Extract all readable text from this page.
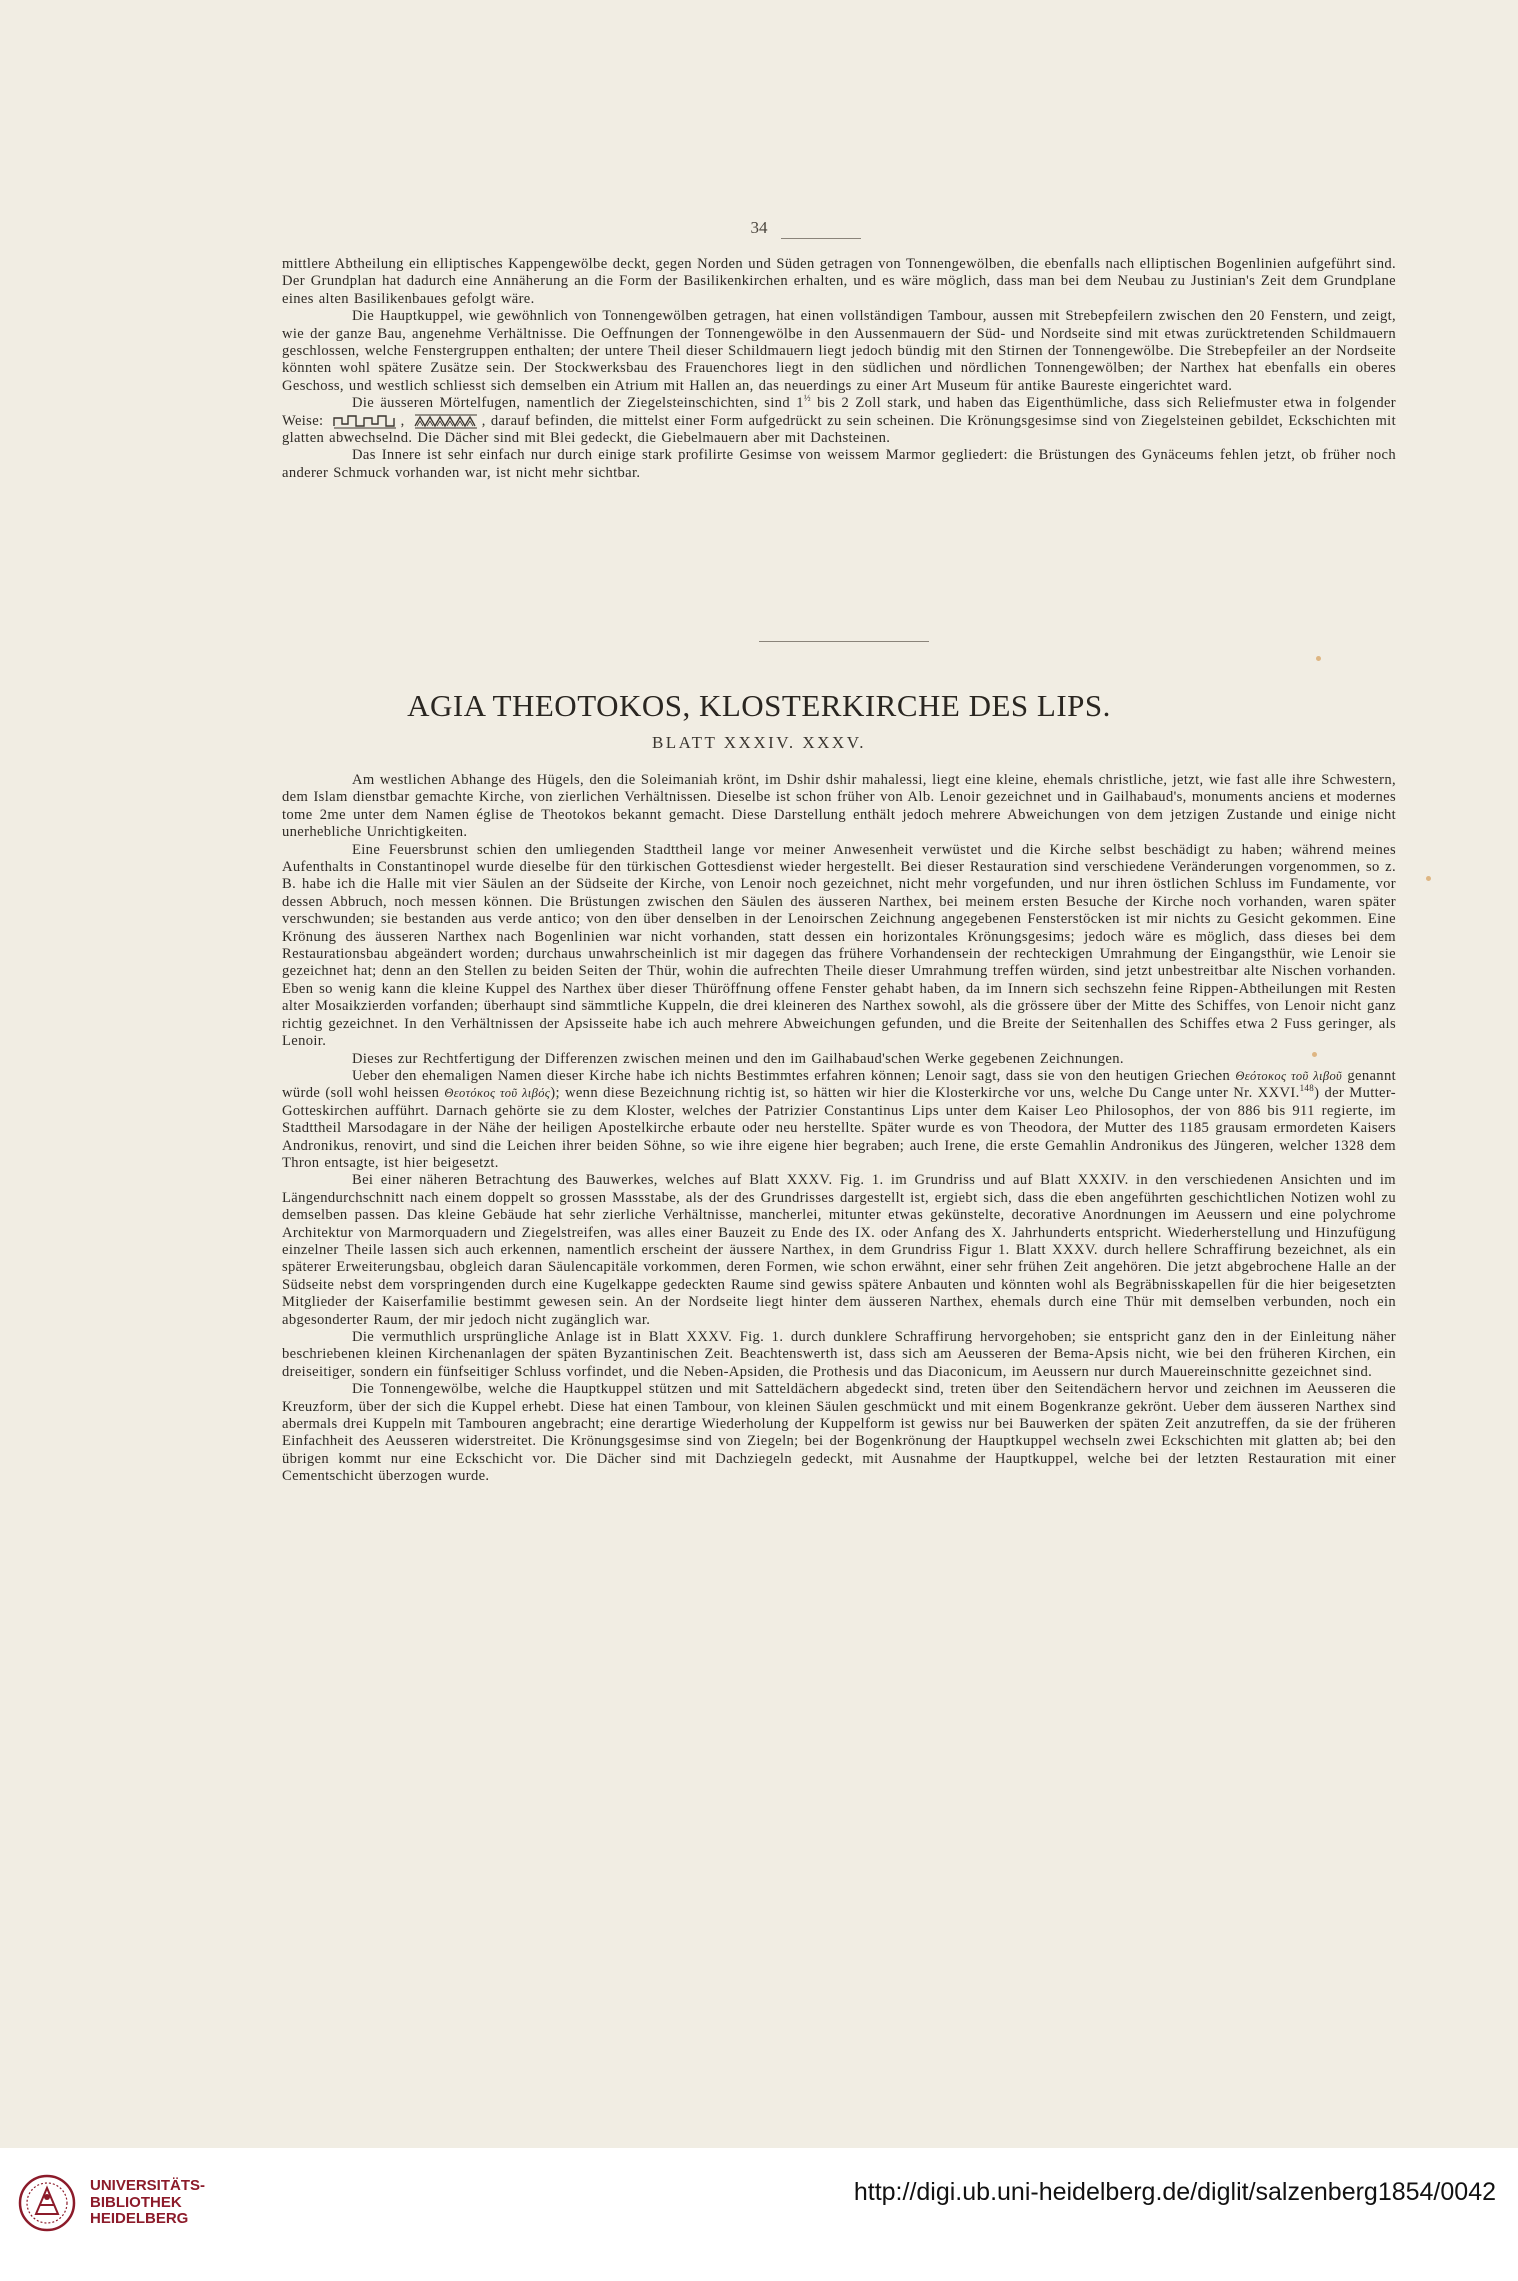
34

mittlere Abtheilung ein elliptisches Kappengewölbe deckt, gegen Norden und Süden getragen von Tonnengewölben, die ebenfalls nach elliptischen Bogenlinien aufgeführt sind. Der Grundplan hat dadurch eine Annäherung an die Form der Basilikenkirchen erhalten, und es wäre möglich, dass man bei dem Neubau zu Justinian's Zeit dem Grundplane eines alten Basilikenbaues gefolgt wäre.

Die Hauptkuppel, wie gewöhnlich von Tonnengewölben getragen, hat einen vollständigen Tambour, aussen mit Strebepfeilern zwischen den 20 Fenstern, und zeigt, wie der ganze Bau, angenehme Verhältnisse. Die Oeffnungen der Tonnengewölbe in den Aussenmauern der Süd- und Nordseite sind mit etwas zurücktretenden Schildmauern geschlossen, welche Fenstergruppen enthalten; der untere Theil dieser Schildmauern liegt jedoch bündig mit den Stirnen der Tonnengewölbe. Die Strebepfeiler an der Nordseite könnten wohl spätere Zusätze sein. Der Stockwerksbau des Frauenchores liegt in den südlichen und nördlichen Tonnengewölben; der Narthex hat ebenfalls ein oberes Geschoss, und westlich schliesst sich demselben ein Atrium mit Hallen an, das neuerdings zu einer Art Museum für antike Baureste eingerichtet ward.

Die äusseren Mörtelfugen, namentlich der Ziegelsteinschichten, sind $1^{\frac{1}{2}}$ bis 2 Zoll stark, und haben das Eigenthümliche, dass sich Reliefmuster etwa in folgender Weise:	,	, darauf befinden, die mittelst einer Form aufgedrückt zu sein scheinen. Die Krönungsgesimse sind von Ziegelsteinen gebildet, Eckschichten mit glatten abwechselnd. Die Dächer sind mit Blei gedeckt, die Giebelmauern aber mit Dachsteinen.

Das Innere ist sehr einfach nur durch einige stark profilirte Gesimse von weissem Marmor gegliedert: die Brüstungen des Gynäceums fehlen jetzt, ob früher noch anderer Schmuck vorhanden war, ist nicht mehr sichtbar.

AGIA THEOTOKOS, KLOSTERKIRCHE DES LIPS.
BLATT XXXIV. XXXV.

Am westlichen Abhange des Hügels, den die Soleimaniah krönt, im Dshir dshir mahalessi, liegt eine kleine, ehemals christliche, jetzt, wie fast alle ihre Schwestern, dem Islam dienstbar gemachte Kirche, von zierlichen Verhältnissen. Dieselbe ist schon früher von Alb. Lenoir gezeichnet und in Gailhabaud's, monuments anciens et modernes tome 2me unter dem Namen église de Theotokos bekannt gemacht. Diese Darstellung enthält jedoch mehrere Abweichungen von dem jetzigen Zustande und einige nicht unerhebliche Unrichtigkeiten.

Eine Feuersbrunst schien den umliegenden Stadttheil lange vor meiner Anwesenheit verwüstet und die Kirche selbst beschädigt zu haben; während meines Aufenthalts in Constantinopel wurde dieselbe für den türkischen Gottesdienst wieder hergestellt. Bei dieser Restauration sind verschiedene Veränderungen vorgenommen, so z. B. habe ich die Halle mit vier Säulen an der Südseite der Kirche, von Lenoir noch gezeichnet, nicht mehr vorgefunden, und nur ihren östlichen Schluss im Fundamente, vor dessen Abbruch, noch messen können. Die Brüstungen zwischen den Säulen des äusseren Narthex, bei meinem ersten Besuche der Kirche noch vorhanden, waren später verschwunden; sie bestanden aus verde antico; von den über denselben in der Lenoirschen Zeichnung angegebenen Fensterstöcken ist mir nichts zu Gesicht gekommen. Eine Krönung des äusseren Narthex nach Bogenlinien war nicht vorhanden, statt dessen ein horizontales Krönungsgesims; jedoch wäre es möglich, dass dieses bei dem Restaurationsbau abgeändert worden; durchaus unwahrscheinlich ist mir dagegen das frühere Vorhandensein der rechteckigen Umrahmung der Eingangsthür, wie Lenoir sie gezeichnet hat; denn an den Stellen zu beiden Seiten der Thür, wohin die aufrechten Theile dieser Umrahmung treffen würden, sind jetzt unbestreitbar alte Nischen vorhanden. Eben so wenig kann die kleine Kuppel des Narthex über dieser Thüröffnung offene Fenster gehabt haben, da im Innern sich sechszehn feine Rippen-Abtheilungen mit Resten alter Mosaikzierden vorfanden; überhaupt sind sämmtliche Kuppeln, die drei kleineren des Narthex sowohl, als die grössere über der Mitte des Schiffes, von Lenoir nicht ganz richtig gezeichnet. In den Verhältnissen der Apsisseite habe ich auch mehrere Abweichungen gefunden, und die Breite der Seitenhallen des Schiffes etwa 2 Fuss geringer, als Lenoir.

Dieses zur Rechtfertigung der Differenzen zwischen meinen und den im Gailhabaud'schen Werke gegebenen Zeichnungen.

Ueber den ehemaligen Namen dieser Kirche habe ich nichts Bestimmtes erfahren können; Lenoir sagt, dass sie von den heutigen Griechen Θεότοκος τοῦ λιβοῦ genannt würde (soll wohl heissen Θεοτόκος τοῦ λιβός); wenn diese Bezeichnung richtig ist, so hätten wir hier die Klosterkirche vor uns, welche Du Cange unter Nr. XXVI.$^{148}$) der Mutter-Gotteskirchen aufführt. Darnach gehörte sie zu dem Kloster, welches der Patrizier Constantinus Lips unter dem Kaiser Leo Philosophos, der von 886 bis 911 regierte, im Stadttheil Marsodagare in der Nähe der heiligen Apostelkirche erbaute oder neu herstellte. Später wurde es von Theodora, der Mutter des 1185 grausam ermordeten Kaisers Andronikus, renovirt, und sind die Leichen ihrer beiden Söhne, so wie ihre eigene hier begraben; auch Irene, die erste Gemahlin Andronikus des Jüngeren, welcher 1328 dem Thron entsagte, ist hier beigesetzt.

Bei einer näheren Betrachtung des Bauwerkes, welches auf Blatt XXXV. Fig. 1. im Grundriss und auf Blatt XXXIV. in den verschiedenen Ansichten und im Längendurchschnitt nach einem doppelt so grossen Massstabe, als der des Grundrisses dargestellt ist, ergiebt sich, dass die eben angeführten geschichtlichen Notizen wohl zu demselben passen. Das kleine Gebäude hat sehr zierliche Verhältnisse, mancherlei, mitunter etwas gekünstelte, decorative Anordnungen im Aeussern und eine polychrome Architektur von Marmorquadern und Ziegelstreifen, was alles einer Bauzeit zu Ende des IX. oder Anfang des X. Jahrhunderts entspricht. Wiederherstellung und Hinzufügung einzelner Theile lassen sich auch erkennen, namentlich erscheint der äussere Narthex, in dem Grundriss Figur 1. Blatt XXXV. durch hellere Schraffirung bezeichnet, als ein späterer Erweiterungsbau, obgleich daran Säulencapitäle vorkommen, deren Formen, wie schon erwähnt, einer sehr frühen Zeit angehören. Die jetzt abgebrochene Halle an der Südseite nebst dem vorspringenden durch eine Kugelkappe gedeckten Raume sind gewiss spätere Anbauten und könnten wohl als Begräbnisskapellen für die hier beigesetzten Mitglieder der Kaiserfamilie bestimmt gewesen sein. An der Nordseite liegt hinter dem äusseren Narthex, ehemals durch eine Thür mit demselben verbunden, noch ein abgesonderter Raum, der mir jedoch nicht zugänglich war.

Die vermuthlich ursprüngliche Anlage ist in Blatt XXXV. Fig. 1. durch dunklere Schraffirung hervorgehoben; sie entspricht ganz den in der Einleitung näher beschriebenen kleinen Kirchenanlagen der späten Byzantinischen Zeit. Beachtenswerth ist, dass sich am Aeusseren der Bema-Apsis nicht, wie bei den früheren Kirchen, ein dreiseitiger, sondern ein fünfseitiger Schluss vorfindet, und die Neben-Apsiden, die Prothesis und das Diaconicum, im Aeussern nur durch Mauereinschnitte gezeichnet sind.

Die Tonnengewölbe, welche die Hauptkuppel stützen und mit Satteldächern abgedeckt sind, treten über den Seitendächern hervor und zeichnen im Aeusseren die Kreuzform, über der sich die Kuppel erhebt. Diese hat einen Tambour, von kleinen Säulen geschmückt und mit einem Bogenkranze gekrönt. Ueber dem äusseren Narthex sind abermals drei Kuppeln mit Tambouren angebracht; eine derartige Wiederholung der Kuppelform ist gewiss nur bei Bauwerken der späten Zeit anzutreffen, da sie der früheren Einfachheit des Aeusseren widerstreitet. Die Krönungsgesimse sind von Ziegeln; bei der Bogenkrönung der Hauptkuppel wechseln zwei Eckschichten mit glatten ab; bei den übrigen kommt nur eine Eckschicht vor. Die Dächer sind mit Dachziegeln gedeckt, mit Ausnahme der Hauptkuppel, welche bei der letzten Restauration mit einer Cementschicht überzogen wurde.

UNIVERSITÄTS-
BIBLIOTHEK
HEIDELBERG
http://digi.ub.uni-heidelberg.de/diglit/salzenberg1854/0042
